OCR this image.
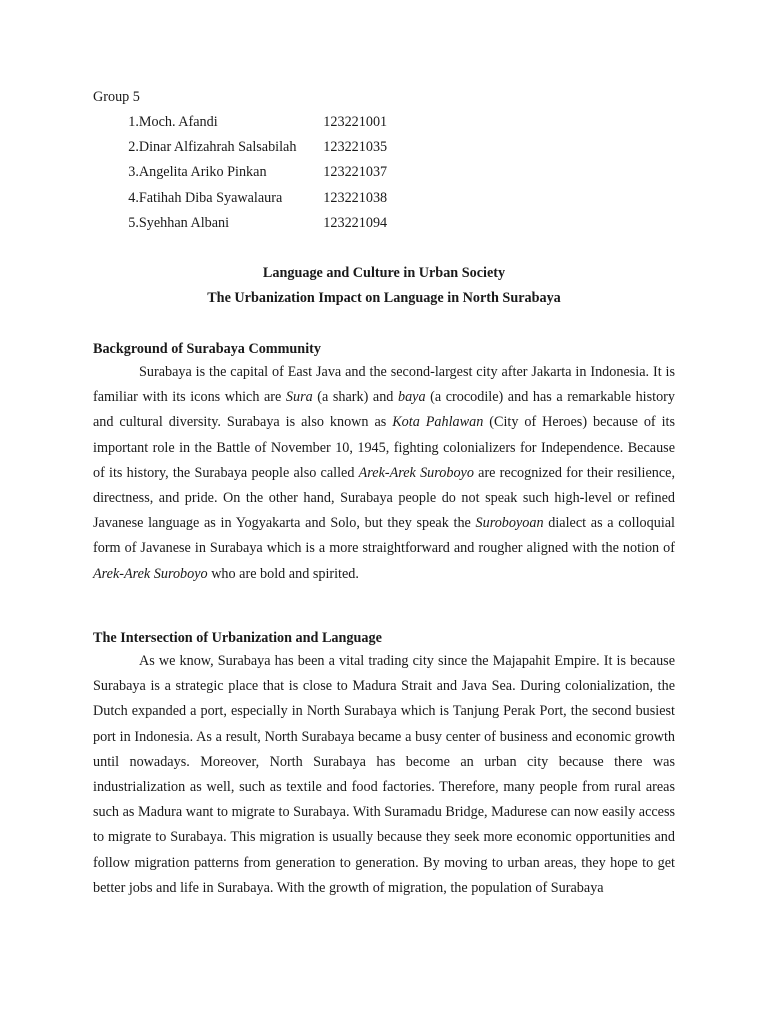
Group 5
1. Moch. Afandi	123221001
2. Dinar Alfizahrah Salsabilah	123221035
3. Angelita Ariko Pinkan	123221037
4. Fatihah Diba Syawalaura	123221038
5. Syehhan Albani	123221094
Language and Culture in Urban Society
The Urbanization Impact on Language in North Surabaya
Background of Surabaya Community

Surabaya is the capital of East Java and the second-largest city after Jakarta in Indonesia. It is familiar with its icons which are Sura (a shark) and baya (a crocodile) and has a remarkable history and cultural diversity. Surabaya is also known as Kota Pahlawan (City of Heroes) because of its important role in the Battle of November 10, 1945, fighting colonializers for Independence. Because of its history, the Surabaya people also called Arek-Arek Suroboyo are recognized for their resilience, directness, and pride. On the other hand, Surabaya people do not speak such high-level or refined Javanese language as in Yogyakarta and Solo, but they speak the Suroboyoan dialect as a colloquial form of Javanese in Surabaya which is a more straightforward and rougher aligned with the notion of Arek-Arek Suroboyo who are bold and spirited.

The Intersection of Urbanization and Language

As we know, Surabaya has been a vital trading city since the Majapahit Empire. It is because Surabaya is a strategic place that is close to Madura Strait and Java Sea. During colonialization, the Dutch expanded a port, especially in North Surabaya which is Tanjung Perak Port, the second busiest port in Indonesia. As a result, North Surabaya became a busy center of business and economic growth until nowadays. Moreover, North Surabaya has become an urban city because there was industrialization as well, such as textile and food factories. Therefore, many people from rural areas such as Madura want to migrate to Surabaya. With Suramadu Bridge, Madurese can now easily access to migrate to Surabaya. This migration is usually because they seek more economic opportunities and follow migration patterns from generation to generation. By moving to urban areas, they hope to get better jobs and life in Surabaya. With the growth of migration, the population of Surabaya
